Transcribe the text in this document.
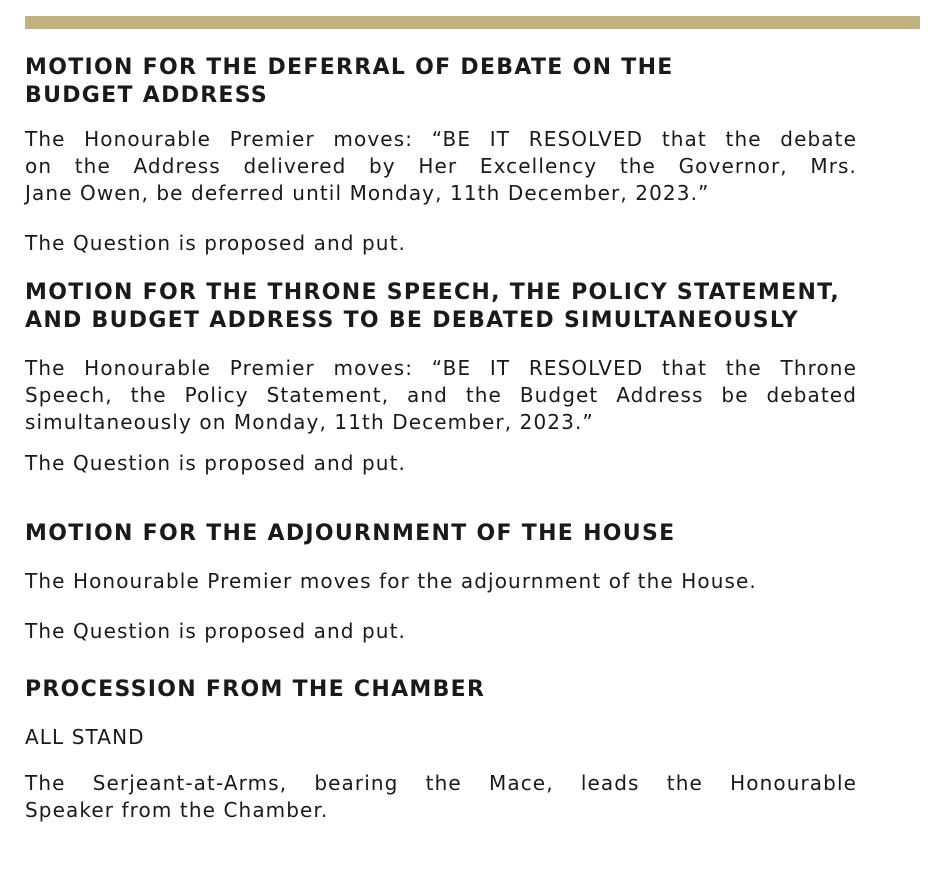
MOTION FOR THE DEFERRAL OF DEBATE ON THE
BUDGET ADDRESS
The Honourable Premier moves: “BE IT RESOLVED that the debate
on the Address delivered by Her Excellency the Governor, Mrs.
Jane Owen, be deferred until Monday, 11th December, 2023.”

The Question is proposed and put.

MOTION FOR THE THRONE SPEECH, THE POLICY STATEMENT,
AND BUDGET ADDRESS TO BE DEBATED SIMULTANEOUSLY
The Honourable Premier moves: “BE IT RESOLVED that the Throne
Speech, the Policy Statement, and the Budget Address be debated
simultaneously on Monday, 11th December, 2023.”

The Question is proposed and put.

MOTION FOR THE ADJOURNMENT OF THE HOUSE
The Honourable Premier moves for the adjournment of the House.

The Question is proposed and put.

PROCESSION FROM THE CHAMBER

ALL STAND

The Serjeant-at-Arms, bearing the Mace, leads the Honourable
Speaker from the Chamber.
